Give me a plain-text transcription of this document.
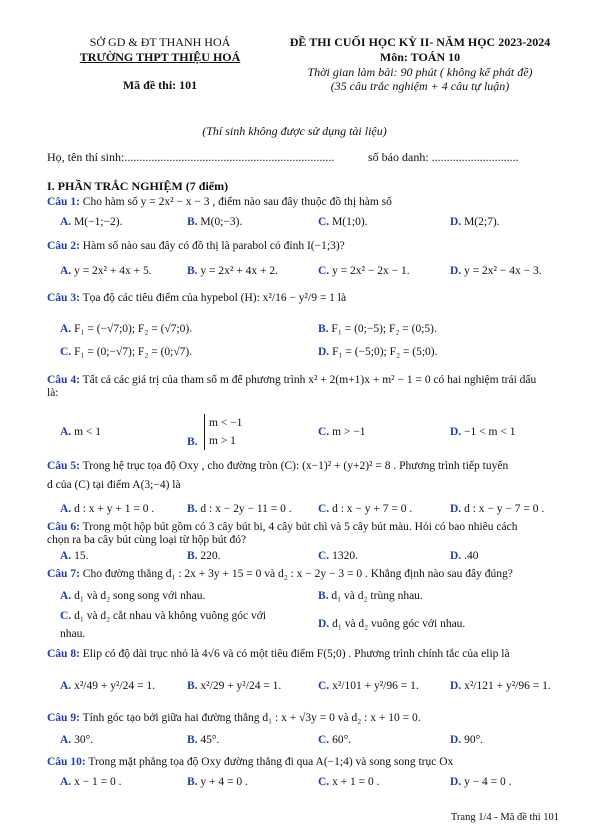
SỞ GD & ĐT THANH HOÁ
TRƯỜNG THPT THIỆU HOÁ
Mã đề thi: 101
ĐỀ THI CUỐI HỌC KỲ II- NĂM HỌC 2023-2024
Môn: TOÁN 10
Thời gian làm bài: 90 phút ( không kể phát đề)
(35 câu trắc nghiệm + 4 câu tự luận)
(Thí sinh không được sử dụng tài liệu)
Họ, tên thí sinh:......................................................................	số báo danh: .............................
I. PHẦN TRẮC NGHIỆM (7 điểm)
Câu 1: Cho hàm số y = 2x² − x − 3 , điểm nào sau đây thuộc đồ thị hàm số
A. M(−1;−2).	B. M(0;−3).	C. M(1;0).	D. M(2;7).
Câu 2: Hàm số nào sau đây có đồ thị là parabol có đỉnh I(−1;3)?
A. y = 2x² + 4x + 5.	B. y = 2x² + 4x + 2.	C. y = 2x² − 2x − 1.	D. y = 2x² − 4x − 3.
Câu 3: Tọa độ các tiêu điểm của hypebol (H): x²/16 − y²/9 = 1 là
A. F₁ = (−√7;0); F₂ = (√7;0).	B. F₁ = (0;−5); F₂ = (0;5).
C. F₁ = (0;−√7); F₂ = (0;√7).	D. F₁ = (−5;0); F₂ = (5;0).
Câu 4: Tất cả các giá trị của tham số m để phương trình x² + 2(m+1)x + m² − 1 = 0 có hai nghiệm trái dấu là:
A. m < 1
B.
m < −1
m > 1
C. m > −1	D. −1 < m < 1
Câu 5: Trong hệ trục tọa độ Oxy , cho đường tròn (C): (x−1)² + (y+2)² = 8 . Phương trình tiếp tuyến
d của (C) tại điểm A(3;−4) là
A. d : x + y + 1 = 0 .	B. d : x − 2y − 11 = 0 . C. d : x − y + 7 = 0 .	D. d : x − y − 7 = 0 .
Câu 6: Trong một hộp bút gồm có 3 cây bút bi, 4 cây bút chì và 5 cây bút màu. Hỏi có bao nhiêu cách
chọn ra ba cây bút cùng loại từ hộp bút đó?
A. 15.	B. 220.	C. 1320.	D. .40
Câu 7: Cho đường thẳng d₁ : 2x + 3y + 15 = 0 và d₂ : x − 2y − 3 = 0 . Khẳng định nào sau đây đúng?
A. d₁ và d₂ song song với nhau.	B. d₁ và d₂ trùng nhau.
C. d₁ và d₂ cắt nhau và không vuông góc với
nhau.
D. d₁ và d₂ vuông góc với nhau.
Câu 8: Elip có độ dài trục nhỏ là 4√6 và có một tiêu điểm F(5;0) . Phương trình chính tắc của elip là
A. x²/49 + y²/24 = 1.	B. x²/29 + y²/24 = 1.	C. x²/101 + y²/96 = 1.	D. x²/121 + y²/96 = 1.
Câu 9: Tính góc tạo bởi giữa hai đường thẳng d₁ : x + √3y = 0 và d₂ : x + 10 = 0.
A. 30°.	B. 45°.	C. 60°.	D. 90°.
Câu 10: Trong mặt phẳng tọa độ Oxy đường thẳng đi qua A(−1;4) và song song trục Ox
A. x − 1 = 0 .	B. y + 4 = 0 .	C. x + 1 = 0 .	D. y − 4 = 0 .
Trang 1/4 - Mã đề thi 101
